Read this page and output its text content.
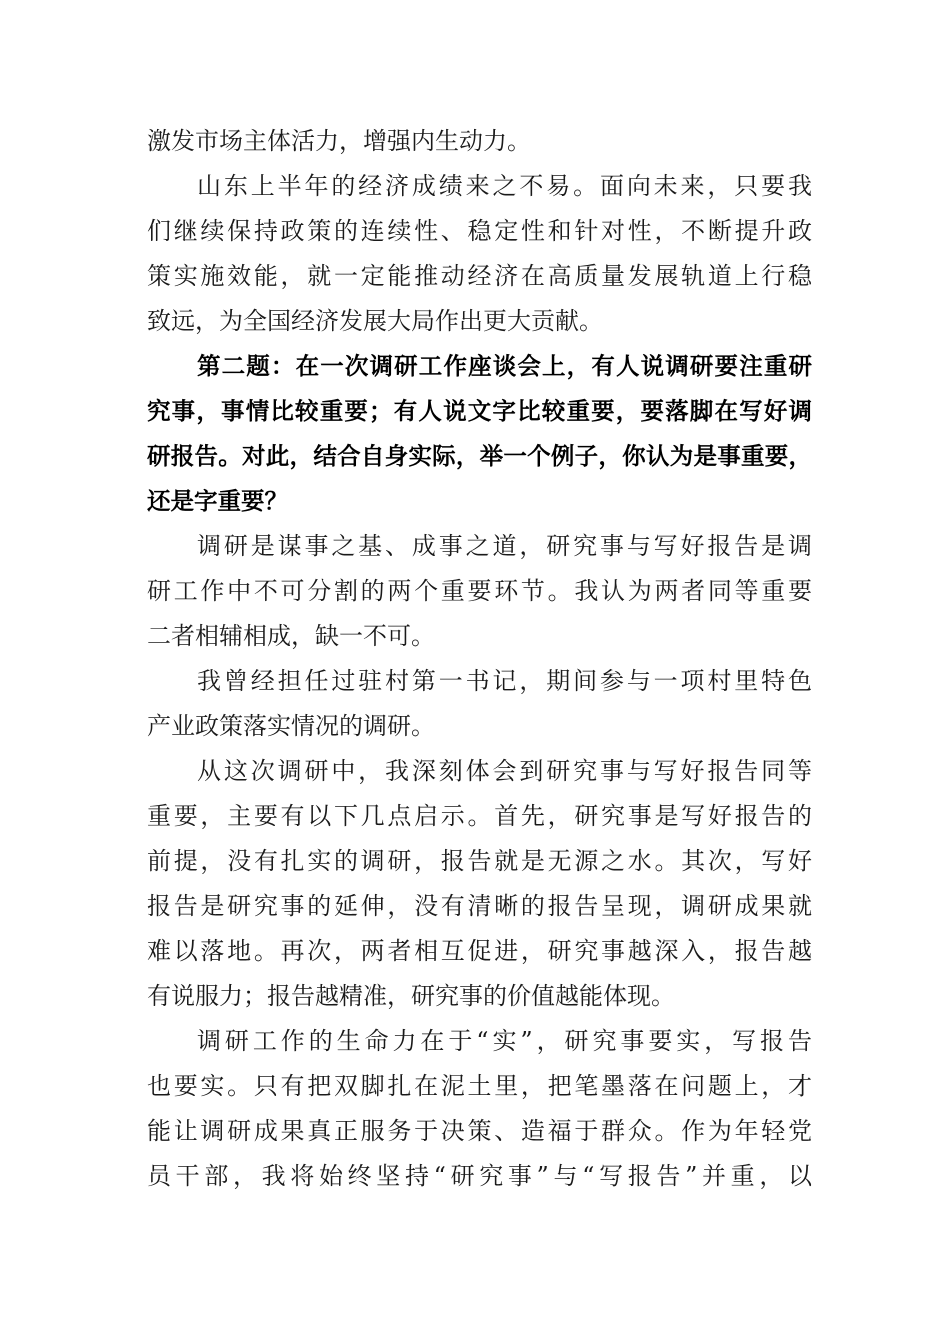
激发市场主体活力，增强内生动力。
山东上半年的经济成绩来之不易。面向未来，只要我
们继续保持政策的连续性、稳定性和针对性，不断提升政
策实施效能，就一定能推动经济在高质量发展轨道上行稳
致远，为全国经济发展大局作出更大贡献。
第二题：在一次调研工作座谈会上，有人说调研要注重研
究事，事情比较重要；有人说文字比较重要，要落脚在写好调
研报告。对此，结合自身实际，举一个例子，你认为是事重要，
还是字重要？
调研是谋事之基、成事之道，研究事与写好报告是调
研工作中不可分割的两个重要环节。我认为两者同等重要
二者相辅相成，缺一不可。
我曾经担任过驻村第一书记，期间参与一项村里特色
产业政策落实情况的调研。
从这次调研中，我深刻体会到研究事与写好报告同等
重要，主要有以下几点启示。首先，研究事是写好报告的
前提，没有扎实的调研，报告就是无源之水。其次，写好
报告是研究事的延伸，没有清晰的报告呈现，调研成果就
难以落地。再次，两者相互促进，研究事越深入，报告越
有说服力；报告越精准，研究事的价值越能体现。
调研工作的生命力在于“实”，研究事要实，写报告
也要实。只有把双脚扎在泥土里，把笔墨落在问题上，才
能让调研成果真正服务于决策、造福于群众。作为年轻党
员干部，我将始终坚持“研究事”与“写报告”并重，以
